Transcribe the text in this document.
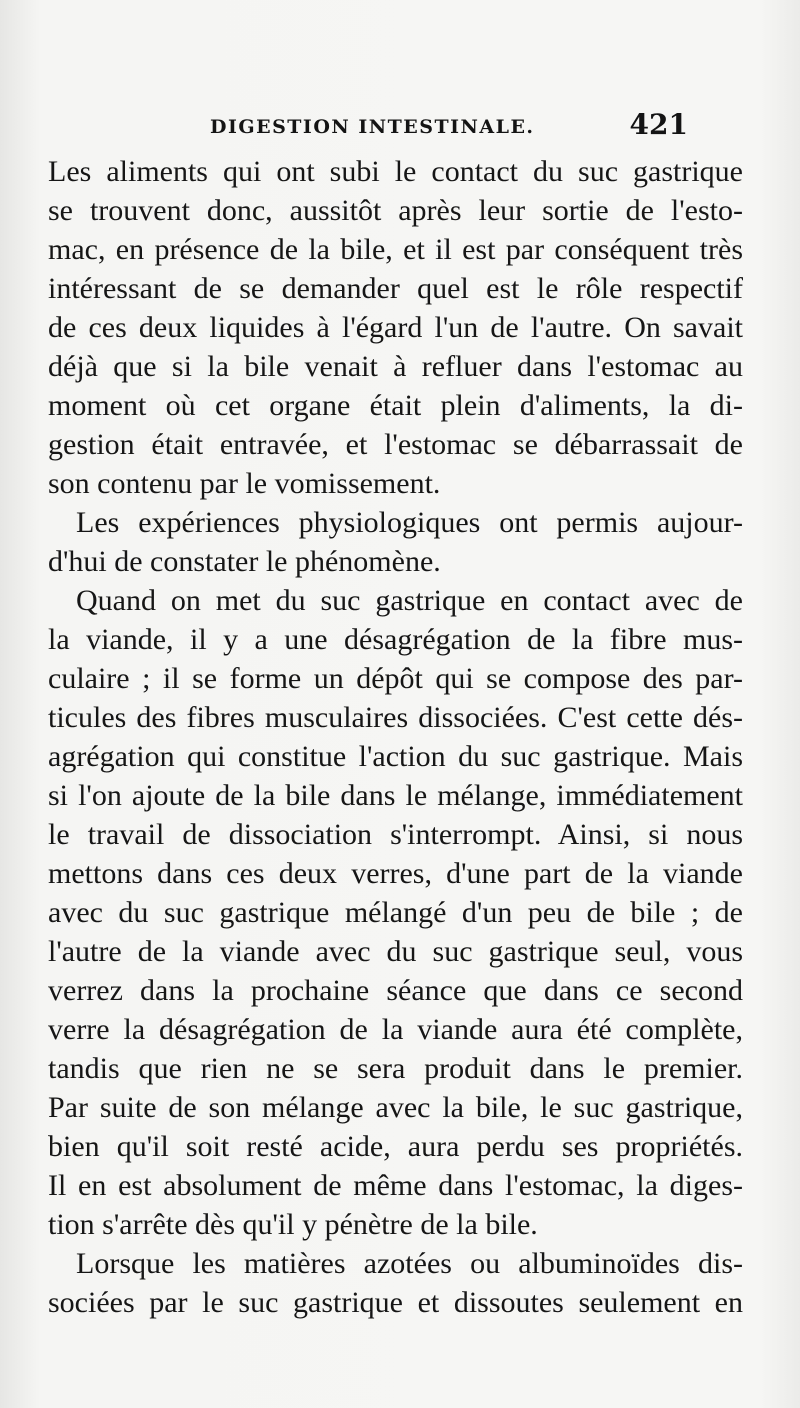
DIGESTION INTESTINALE.	421

Les aliments qui ont subi le contact du suc gastrique
se trouvent donc, aussitôt après leur sortie de l'esto-
mac, en présence de la bile, et il est par conséquent très
intéressant de se demander quel est le rôle respectif
de ces deux liquides à l'égard l'un de l'autre. On savait
déjà que si la bile venait à refluer dans l'estomac au
moment où cet organe était plein d'aliments, la di-
gestion était entravée, et l'estomac se débarrassait de
son contenu par le vomissement.

Les expériences physiologiques ont permis aujour-
d'hui de constater le phénomène.

Quand on met du suc gastrique en contact avec de
la viande, il y a une désagrégation de la fibre mus-
culaire ; il se forme un dépôt qui se compose des par-
ticules des fibres musculaires dissociées. C'est cette dés-
agrégation qui constitue l'action du suc gastrique. Mais
si l'on ajoute de la bile dans le mélange, immédiatement
le travail de dissociation s'interrompt. Ainsi, si nous
mettons dans ces deux verres, d'une part de la viande
avec du suc gastrique mélangé d'un peu de bile ; de
l'autre de la viande avec du suc gastrique seul, vous
verrez dans la prochaine séance que dans ce second
verre la désagrégation de la viande aura été complète,
tandis que rien ne se sera produit dans le premier.
Par suite de son mélange avec la bile, le suc gastrique,
bien qu'il soit resté acide, aura perdu ses propriétés.
Il en est absolument de même dans l'estomac, la diges-
tion s'arrête dès qu'il y pénètre de la bile.

Lorsque les matières azotées ou albuminoïdes dis-
sociées par le suc gastrique et dissoutes seulement en
